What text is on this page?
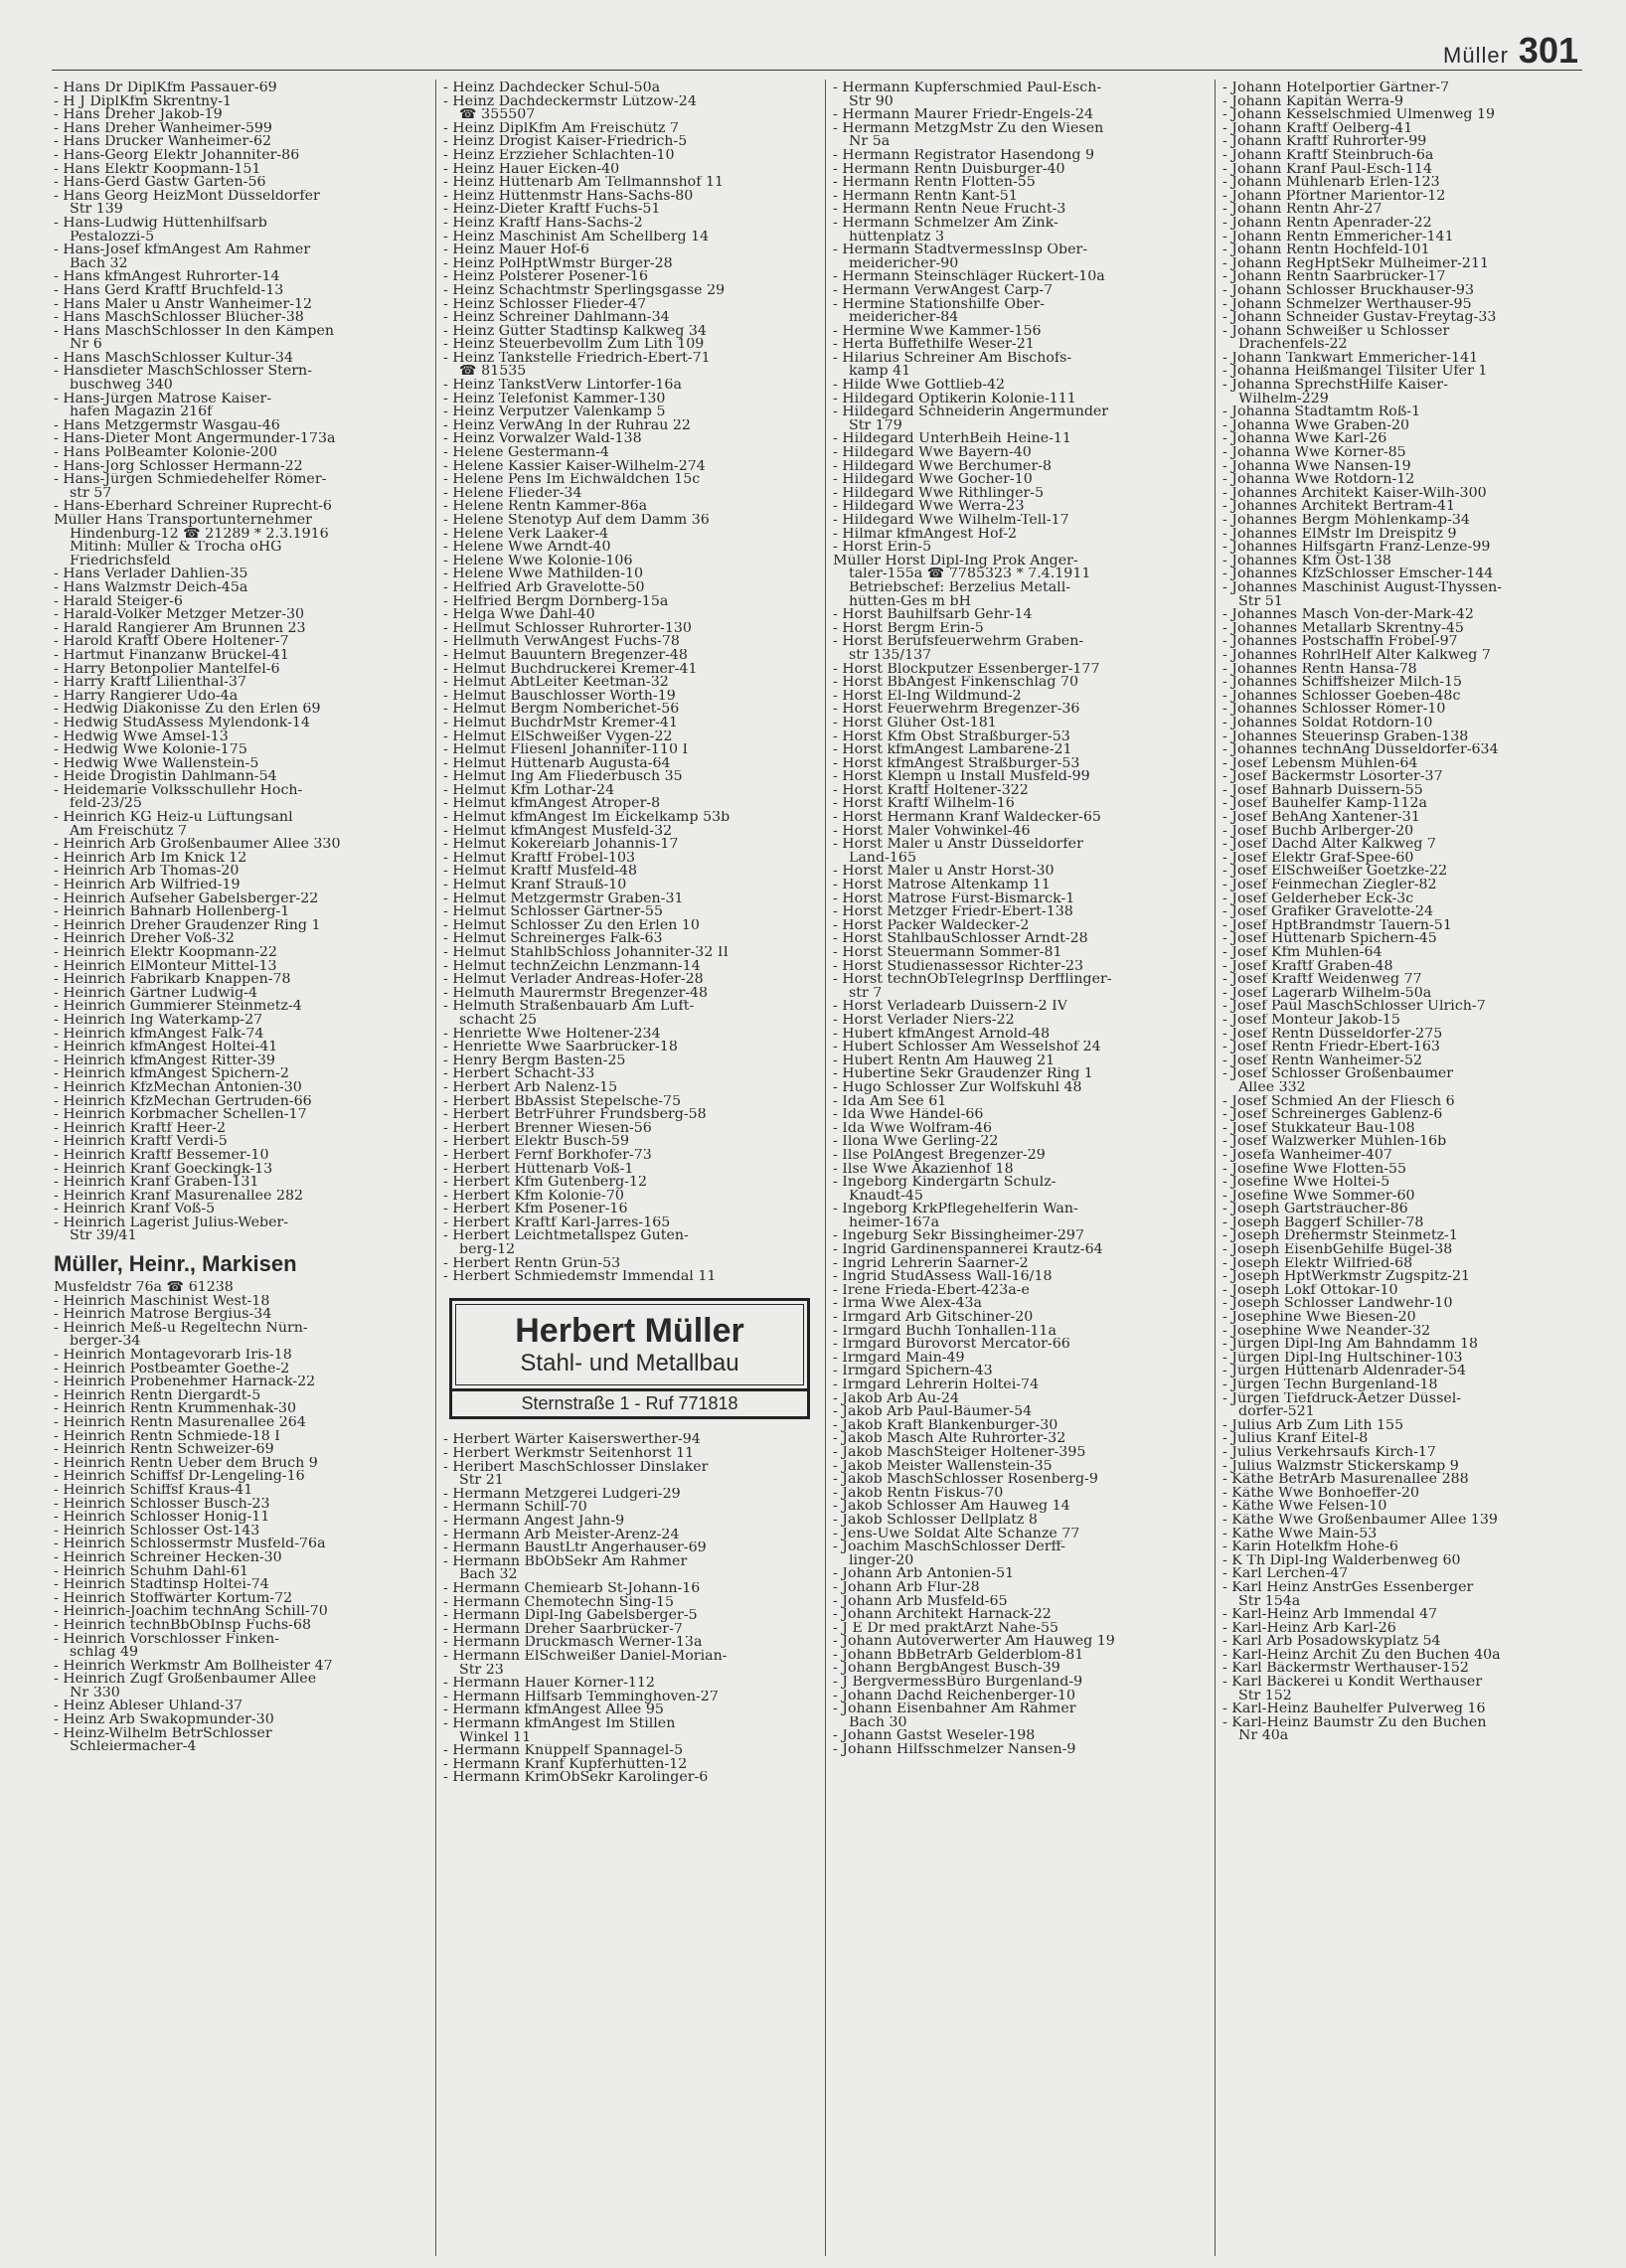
Müller 301
- Hans Dr DiplKfm Passauer-69
- H J DiplKfm Skrentny-1
- Hans Dreher Jakob-19
- Hans Dreher Wanheimer-599
- Hans Drucker Wanheimer-62
- Hans-Georg Elektr Johanniter-86
- Hans Elektr Koopmann-151
- Hans-Gerd Gastw Garten-56
- Hans Georg HeizMont Düsseldorfer
Str 139
- Hans-Ludwig Hüttenhilfsarb
Pestalozzi-5
- Hans-Josef kfmAngest Am Rahmer
Bach 32
- Hans kfmAngest Ruhrorter-14
- Hans Gerd Kraftf Bruchfeld-13
- Hans Maler u Anstr Wanheimer-12
- Hans MaschSchlosser Blücher-38
- Hans MaschSchlosser In den Kämpen
Nr 6
- Hans MaschSchlosser Kultur-34
- Hansdieter MaschSchlosser Stern-
buschweg 340
- Hans-Jürgen Matrose Kaiser-
hafen Magazin 216f
- Hans Metzgermstr Wasgau-46
- Hans-Dieter Mont Angermunder-173a
- Hans PolBeamter Kolonie-200
- Hans-Jorg Schlosser Hermann-22
- Hans-Jürgen Schmiedehelfer Römer-
str 57
- Hans-Eberhard Schreiner Ruprecht-6
Müller Hans Transportunternehmer
Hindenburg-12 ☎ 21289 * 2.3.1916
Mitinh: Müller & Trocha oHG
Friedrichsfeld
- Hans Verlader Dahlien-35
- Hans Walzmstr Deich-45a
- Harald Steiger-6
- Harald-Volker Metzger Metzer-30
- Harald Rangierer Am Brunnen 23
- Harold Kraftf Obere Holtener-7
- Hartmut Finanzanw Brückel-41
- Harry Betonpolier Mantelfel-6
- Harry Kraftf Lilienthal-37
- Harry Rangierer Udo-4a
- Hedwig Diakonisse Zu den Erlen 69
- Hedwig StudAssess Mylendonk-14
- Hedwig Wwe Amsel-13
- Hedwig Wwe Kolonie-175
- Hedwig Wwe Wallenstein-5
- Heide Drogistin Dahlmann-54
- Heidemarie Volksschullehr Hoch-
feld-23/25
- Heinrich KG Heiz-u Lüftungsanl
Am Freischütz 7
- Heinrich Arb Großenbaumer Allee 330
- Heinrich Arb Im Knick 12
- Heinrich Arb Thomas-20
- Heinrich Arb Wilfried-19
- Heinrich Aufseher Gabelsberger-22
- Heinrich Bahnarb Hollenberg-1
- Heinrich Dreher Graudenzer Ring 1
- Heinrich Dreher Voß-32
- Heinrich Elektr Koopmann-22
- Heinrich ElMonteur Mittel-13
- Heinrich Fabrikarb Knappen-78
- Heinrich Gärtner Ludwig-4
- Heinrich Gummierer Steinmetz-4
- Heinrich Ing Waterkamp-27
- Heinrich kfmAngest Falk-74
- Heinrich kfmAngest Holtei-41
- Heinrich kfmAngest Ritter-39
- Heinrich kfmAngest Spichern-2
- Heinrich KfzMechan Antonien-30
- Heinrich KfzMechan Gertruden-66
- Heinrich Korbmacher Schellen-17
- Heinrich Kraftf Heer-2
- Heinrich Kraftf Verdi-5
- Heinrich Kraftf Bessemer-10
- Heinrich Kranf Goeckingk-13
- Heinrich Kranf Graben-131
- Heinrich Kranf Masurenallee 282
- Heinrich Kranf Voß-5
- Heinrich Lagerist Julius-Weber-
Str 39/41
Müller, Heinr., Markisen
Musfeldstr 76a ☎ 61238
- Heinrich Maschinist West-18
- Heinrich Matrose Bergius-34
- Heinrich Meß-u Regeltechn Nürn-
berger-34
- Heinrich Montagevorarb Iris-18
- Heinrich Postbeamter Goethe-2
- Heinrich Probenehmer Harnack-22
- Heinrich Rentn Diergardt-5
- Heinrich Rentn Krummenhak-30
- Heinrich Rentn Masurenallee 264
- Heinrich Rentn Schmiede-18 I
- Heinrich Rentn Schweizer-69
- Heinrich Rentn Ueber dem Bruch 9
- Heinrich Schiffsf Dr-Lengeling-16
- Heinrich Schiffsf Kraus-41
- Heinrich Schlosser Busch-23
- Heinrich Schlosser Honig-11
- Heinrich Schlosser Ost-143
- Heinrich Schlossermstr Musfeld-76a
- Heinrich Schreiner Hecken-30
- Heinrich Schuhm Dahl-61
- Heinrich Stadtinsp Holtei-74
- Heinrich Stoffwärter Kortum-72
- Heinrich-Joachim technAng Schill-70
- Heinrich technBbObInsp Fuchs-68
- Heinrich Vorschlosser Finken-
schlag 49
- Heinrich Werkmstr Am Bollheister 47
- Heinrich Zugf Großenbaumer Allee
Nr 330
- Heinz Ableser Uhland-37
- Heinz Arb Swakopmunder-30
- Heinz-Wilhelm BetrSchlosser
Schleiermacher-4
- Heinz Dachdecker Schul-50a
- Heinz Dachdeckermstr Lützow-24
☎ 355507
- Heinz DiplKfm Am Freischütz 7
- Heinz Drogist Kaiser-Friedrich-5
- Heinz Erzzieher Schlachten-10
- Heinz Hauer Eicken-40
- Heinz Hüttenarb Am Tellmannshof 11
- Heinz Hüttenmstr Hans-Sachs-80
- Heinz-Dieter Kraftf Fuchs-51
- Heinz Kraftf Hans-Sachs-2
- Heinz Maschinist Am Schellberg 14
- Heinz Mauer Hof-6
- Heinz PolHptWmstr Bürger-28
- Heinz Polsterer Posener-16
- Heinz Schachtmstr Sperlingsgasse 29
- Heinz Schlosser Flieder-47
- Heinz Schreiner Dahlmann-34
- Heinz Gütter Stadtinsp Kalkweg 34
- Heinz Steuerbevollm Zum Lith 109
- Heinz Tankstelle Friedrich-Ebert-71
☎ 81535
- Heinz TankstVerw Lintorfer-16a
- Heinz Telefonist Kammer-130
- Heinz Verputzer Valenkamp 5
- Heinz VerwAng In der Ruhrau 22
- Heinz Vorwalzer Wald-138
- Helene Gestermann-4
- Helene Kassier Kaiser-Wilhelm-274
- Helene Pens Im Eichwäldchen 15c
- Helene Flieder-34
- Helene Rentn Kammer-86a
- Helene Stenotyp Auf dem Damm 36
- Helene Verk Laaker-4
- Helene Wwe Arndt-40
- Helene Wwe Kolonie-106
- Helene Wwe Mathilden-10
- Helfried Arb Gravelotte-50
- Helfried Bergm Dörnberg-15a
- Helga Wwe Dahl-40
- Hellmut Schlosser Ruhrorter-130
- Hellmuth VerwAngest Fuchs-78
- Helmut Bauuntern Bregenzer-48
- Helmut Buchdruckerei Kremer-41
- Helmut AbtLeiter Keetman-32
- Helmut Bauschlosser Wörth-19
- Helmut Bergm Nomberichet-56
- Helmut BuchdrMstr Kremer-41
- Helmut ElSchweißer Vygen-22
- Helmut Fliesenl Johanniter-110 I
- Helmut Hüttenarb Augusta-64
- Helmut Ing Am Fliederbusch 35
- Helmut Kfm Lothar-24
- Helmut kfmAngest Atroper-8
- Helmut kfmAngest Im Eickelkamp 53b
- Helmut kfmAngest Musfeld-32
- Helmut Kokereiarb Johannis-17
- Helmut Kraftf Fröbel-103
- Helmut Kraftf Musfeld-48
- Helmut Kranf Strauß-10
- Helmut Metzgermstr Graben-31
- Helmut Schlosser Gärtner-55
- Helmut Schlosser Zu den Erlen 10
- Helmut Schreinerges Falk-63
- Helmut StahlbSchloss Johanniter-32 II
- Helmut technZeichn Lenzmann-14
- Helmut Verlader Andreas-Hofer-28
- Helmuth Maurermstr Bregenzer-48
- Helmuth Straßenbauarb Am Luft-
schacht 25
- Henriette Wwe Holtener-234
- Henriette Wwe Saarbrücker-18
- Henry Bergm Basten-25
- Herbert Schacht-33
- Herbert Arb Nalenz-15
- Herbert BbAssist Stepelsche-75
- Herbert BetrFührer Frundsberg-58
- Herbert Brenner Wiesen-56
- Herbert Elektr Busch-59
- Herbert Fernf Borkhofer-73
- Herbert Hüttenarb Voß-1
- Herbert Kfm Gutenberg-12
- Herbert Kfm Kolonie-70
- Herbert Kfm Posener-16
- Herbert Kraftf Karl-Jarres-165
- Herbert Leichtmetallspez Guten-
berg-12
- Herbert Rentn Grün-53
- Herbert Schmiedemstr Immendal 11
Herbert Müller
Stahl- und Metallbau
Sternstraße 1 - Ruf 771818
- Herbert Wärter Kaiserswerther-94
- Herbert Werkmstr Seitenhorst 11
- Heribert MaschSchlosser Dinslaker
Str 21
- Hermann Metzgerei Ludgeri-29
- Hermann Schill-70
- Hermann Angest Jahn-9
- Hermann Arb Meister-Arenz-24
- Hermann BaustLtr Angerhauser-69
- Hermann BbObSekr Am Rahmer
Bach 32
- Hermann Chemiearb St-Johann-16
- Hermann Chemotechn Sing-15
- Hermann Dipl-Ing Gabelsberger-5
- Hermann Dreher Saarbrücker-7
- Hermann Druckmasch Werner-13a
- Hermann ElSchweißer Daniel-Morian-
Str 23
- Hermann Hauer Körner-112
- Hermann Hilfsarb Temminghoven-27
- Hermann kfmAngest Allee 95
- Hermann kfmAngest Im Stillen
Winkel 11
- Hermann Knüppelf Spannagel-5
- Hermann Kranf Kupferhütten-12
- Hermann KrimObSekr Karolinger-6
- Hermann Kupferschmied Paul-Esch-
Str 90
- Hermann Maurer Friedr-Engels-24
- Hermann MetzgMstr Zu den Wiesen
Nr 5a
- Hermann Registrator Hasendong 9
- Hermann Rentn Duisburger-40
- Hermann Rentn Flotten-55
- Hermann Rentn Kant-51
- Hermann Rentn Neue Frucht-3
- Hermann Schmelzer Am Zink-
hüttenplatz 3
- Hermann StadtvermessInsp Ober-
meidericher-90
- Hermann Steinschläger Rückert-10a
- Hermann VerwAngest Carp-7
- Hermine Stationshilfe Ober-
meidericher-84
- Hermine Wwe Kammer-156
- Herta Büffethilfe Weser-21
- Hilarius Schreiner Am Bischofs-
kamp 41
- Hilde Wwe Gottlieb-42
- Hildegard Optikerin Kolonie-111
- Hildegard Schneiderin Angermunder
Str 179
- Hildegard UnterhBeih Heine-11
- Hildegard Wwe Bayern-40
- Hildegard Wwe Berchumer-8
- Hildegard Wwe Gocher-10
- Hildegard Wwe Rithlinger-5
- Hildegard Wwe Werra-23
- Hildegard Wwe Wilhelm-Tell-17
- Hilmar kfmAngest Hof-2
- Horst Erin-5
Müller Horst Dipl-Ing Prok Anger-
taler-155a ☎ 7785323 * 7.4.1911
Betriebschef: Berzelius Metall-
hütten-Ges m bH
- Horst Bauhilfsarb Gehr-14
- Horst Bergm Erin-5
- Horst Berufsfeuerwehrm Graben-
str 135/137
- Horst Blockputzer Essenberger-177
- Horst BbAngest Finkenschlag 70
- Horst El-Ing Wildmund-2
- Horst Feuerwehrm Bregenzer-36
- Horst Glüher Ost-181
- Horst Kfm Obst Straßburger-53
- Horst kfmAngest Lambarene-21
- Horst kfmAngest Straßburger-53
- Horst Klempn u Install Musfeld-99
- Horst Kraftf Holtener-322
- Horst Kraftf Wilhelm-16
- Horst Hermann Kranf Waldecker-65
- Horst Maler Vohwinkel-46
- Horst Maler u Anstr Düsseldorfer
Land-165
- Horst Maler u Anstr Horst-30
- Horst Matrose Altenkamp 11
- Horst Matrose Fürst-Bismarck-1
- Horst Metzger Friedr-Ebert-138
- Horst Packer Waldecker-2
- Horst StahlbauSchlosser Arndt-28
- Horst Steuermann Sommer-81
- Horst Studienassessor Richter-23
- Horst technObTelegrInsp Derfflinger-
str 7
- Horst Verladearb Duissern-2 IV
- Horst Verlader Niers-22
- Hubert kfmAngest Arnold-48
- Hubert Schlosser Am Wesselshof 24
- Hubert Rentn Am Hauweg 21
- Hubertine Sekr Graudenzer Ring 1
- Hugo Schlosser Zur Wolfskuhl 48
- Ida Am See 61
- Ida Wwe Händel-66
- Ida Wwe Wolfram-46
- Ilona Wwe Gerling-22
- Ilse PolAngest Bregenzer-29
- Ilse Wwe Akazienhof 18
- Ingeborg Kindergärtn Schulz-
Knaudt-45
- Ingeborg KrkPflegehelferin Wan-
heimer-167a
- Ingeburg Sekr Bissingheimer-297
- Ingrid Gardinenspannerei Krautz-64
- Ingrid Lehrerin Saarner-2
- Ingrid StudAssess Wall-16/18
- Irene Frieda-Ebert-423a-e
- Irma Wwe Alex-43a
- Irmgard Arb Gitschiner-20
- Irmgard Buchh Tonhallen-11a
- Irmgard Bürovorst Mercator-66
- Irmgard Main-49
- Irmgard Spichern-43
- Irmgard Lehrerin Holtei-74
- Jakob Arb Au-24
- Jakob Arb Paul-Bäumer-54
- Jakob Kraft Blankenburger-30
- Jakob Masch Alte Ruhrorter-32
- Jakob MaschSteiger Holtener-395
- Jakob Meister Wallenstein-35
- Jakob MaschSchlosser Rosenberg-9
- Jakob Rentn Fiskus-70
- Jakob Schlosser Am Hauweg 14
- Jakob Schlosser Dellplatz 8
- Jens-Uwe Soldat Alte Schanze 77
- Joachim MaschSchlosser Derff-
linger-20
- Johann Arb Antonien-51
- Johann Arb Flur-28
- Johann Arb Musfeld-65
- Johann Architekt Harnack-22
- J E Dr med praktArzt Nahe-55
- Johann Autoverwerter Am Hauweg 19
- Johann BbBetrArb Gelderblom-81
- Johann BergbAngest Busch-39
- J BergvermessBüro Burgenland-9
- Johann Dachd Reichenberger-10
- Johann Eisenbahner Am Rahmer
Bach 30
- Johann Gastst Weseler-198
- Johann Hilfsschmelzer Nansen-9
- Johann Hotelportier Gärtner-7
- Johann Kapitän Werra-9
- Johann Kesselschmied Ulmenweg 19
- Johann Kraftf Oelberg-41
- Johann Kraftf Ruhrorter-99
- Johann Kraftf Steinbruch-6a
- Johann Kranf Paul-Esch-114
- Johann Mühlenarb Erlen-123
- Johann Pförtner Marientor-12
- Johann Rentn Ahr-27
- Johann Rentn Apenrader-22
- Johann Rentn Emmericher-141
- Johann Rentn Hochfeld-101
- Johann RegHptSekr Mülheimer-211
- Johann Rentn Saarbrücker-17
- Johann Schlosser Bruckhauser-93
- Johann Schmelzer Werthauser-95
- Johann Schneider Gustav-Freytag-33
- Johann Schweißer u Schlosser
Drachenfels-22
- Johann Tankwart Emmericher-141
- Johanna Heißmangel Tilsiter Ufer 1
- Johanna SprechstHilfe Kaiser-
Wilhelm-229
- Johanna Stadtamtm Roß-1
- Johanna Wwe Graben-20
- Johanna Wwe Karl-26
- Johanna Wwe Körner-85
- Johanna Wwe Nansen-19
- Johanna Wwe Rotdorn-12
- Johannes Architekt Kaiser-Wilh-300
- Johannes Architekt Bertram-41
- Johannes Bergm Möhlenkamp-34
- Johannes ElMstr Im Dreispitz 9
- Johannes Hilfsgärtn Franz-Lenze-99
- Johannes Kfm Ost-138
- Johannes KfzSchlosser Emscher-144
- Johannes Maschinist August-Thyssen-
Str 51
- Johannes Masch Von-der-Mark-42
- Johannes Metallarb Skrentny-45
- Johannes Postschaffn Fröbel-97
- Johannes RohrlHelf Alter Kalkweg 7
- Johannes Rentn Hansa-78
- Johannes Schiffsheizer Milch-15
- Johannes Schlosser Goeben-48c
- Johannes Schlosser Römer-10
- Johannes Soldat Rotdorn-10
- Johannes Steuerinsp Graben-138
- Johannes technAng Düsseldorfer-634
- Josef Lebensm Mühlen-64
- Josef Bäckermstr Lösorter-37
- Josef Bahnarb Duissern-55
- Josef Bauhelfer Kamp-112a
- Josef BehAng Xantener-31
- Josef Buchb Arlberger-20
- Josef Dachd Alter Kalkweg 7
- Josef Elektr Graf-Spee-60
- Josef ElSchweißer Goetzke-22
- Josef Feinmechan Ziegler-82
- Josef Gelderheber Eck-3c
- Josef Grafiker Gravelotte-24
- Josef HptBrandmstr Tauern-51
- Josef Hüttenarb Spichern-45
- Josef Kfm Mühlen-64
- Josef Kraftf Graben-48
- Josef Kraftf Weidenweg 77
- Josef Lagerarb Wilhelm-50a
- Josef Paul MaschSchlosser Ulrich-7
- Josef Monteur Jakob-15
- Josef Rentn Düsseldorfer-275
- Josef Rentn Friedr-Ebert-163
- Josef Rentn Wanheimer-52
- Josef Schlosser Großenbaumer
Allee 332
- Josef Schmied An der Fliesch 6
- Josef Schreinerges Gablenz-6
- Josef Stukkateur Bau-108
- Josef Walzwerker Mühlen-16b
- Josefa Wanheimer-407
- Josefine Wwe Flotten-55
- Josefine Wwe Holtei-5
- Josefine Wwe Sommer-60
- Joseph Gartsträucher-86
- Joseph Baggerf Schiller-78
- Joseph Drehermstr Steinmetz-1
- Joseph EisenbGehilfe Bügel-38
- Joseph Elektr Wilfried-68
- Joseph HptWerkmstr Zugspitz-21
- Joseph Lokf Ottokar-10
- Joseph Schlosser Landwehr-10
- Josephine Wwe Biesen-20
- Josephine Wwe Neander-32
- Jürgen Dipl-Ing Am Bahndamm 18
- Jürgen Dipl-Ing Hultschiner-103
- Jürgen Hüttenarb Aldenrader-54
- Jürgen Techn Burgenland-18
- Jürgen Tiefdruck-Aetzer Düssel-
dorfer-521
- Julius Arb Zum Lith 155
- Julius Kranf Eitel-8
- Julius Verkehrsaufs Kirch-17
- Julius Walzmstr Stickerskamp 9
- Käthe BetrArb Masurenallee 288
- Käthe Wwe Bonhoeffer-20
- Käthe Wwe Felsen-10
- Käthe Wwe Großenbaumer Allee 139
- Käthe Wwe Main-53
- Karin Hotelkfm Hohe-6
- K Th Dipl-Ing Walderbenweg 60
- Karl Lerchen-47
- Karl Heinz AnstrGes Essenberger
Str 154a
- Karl-Heinz Arb Immendal 47
- Karl-Heinz Arb Karl-26
- Karl Arb Posadowskyplatz 54
- Karl-Heinz Archit Zu den Buchen 40a
- Karl Bäckermstr Werthauser-152
- Karl Bäckerei u Kondit Werthauser
Str 152
- Karl-Heinz Bauhelfer Pulverweg 16
- Karl-Heinz Baumstr Zu den Buchen
Nr 40a
